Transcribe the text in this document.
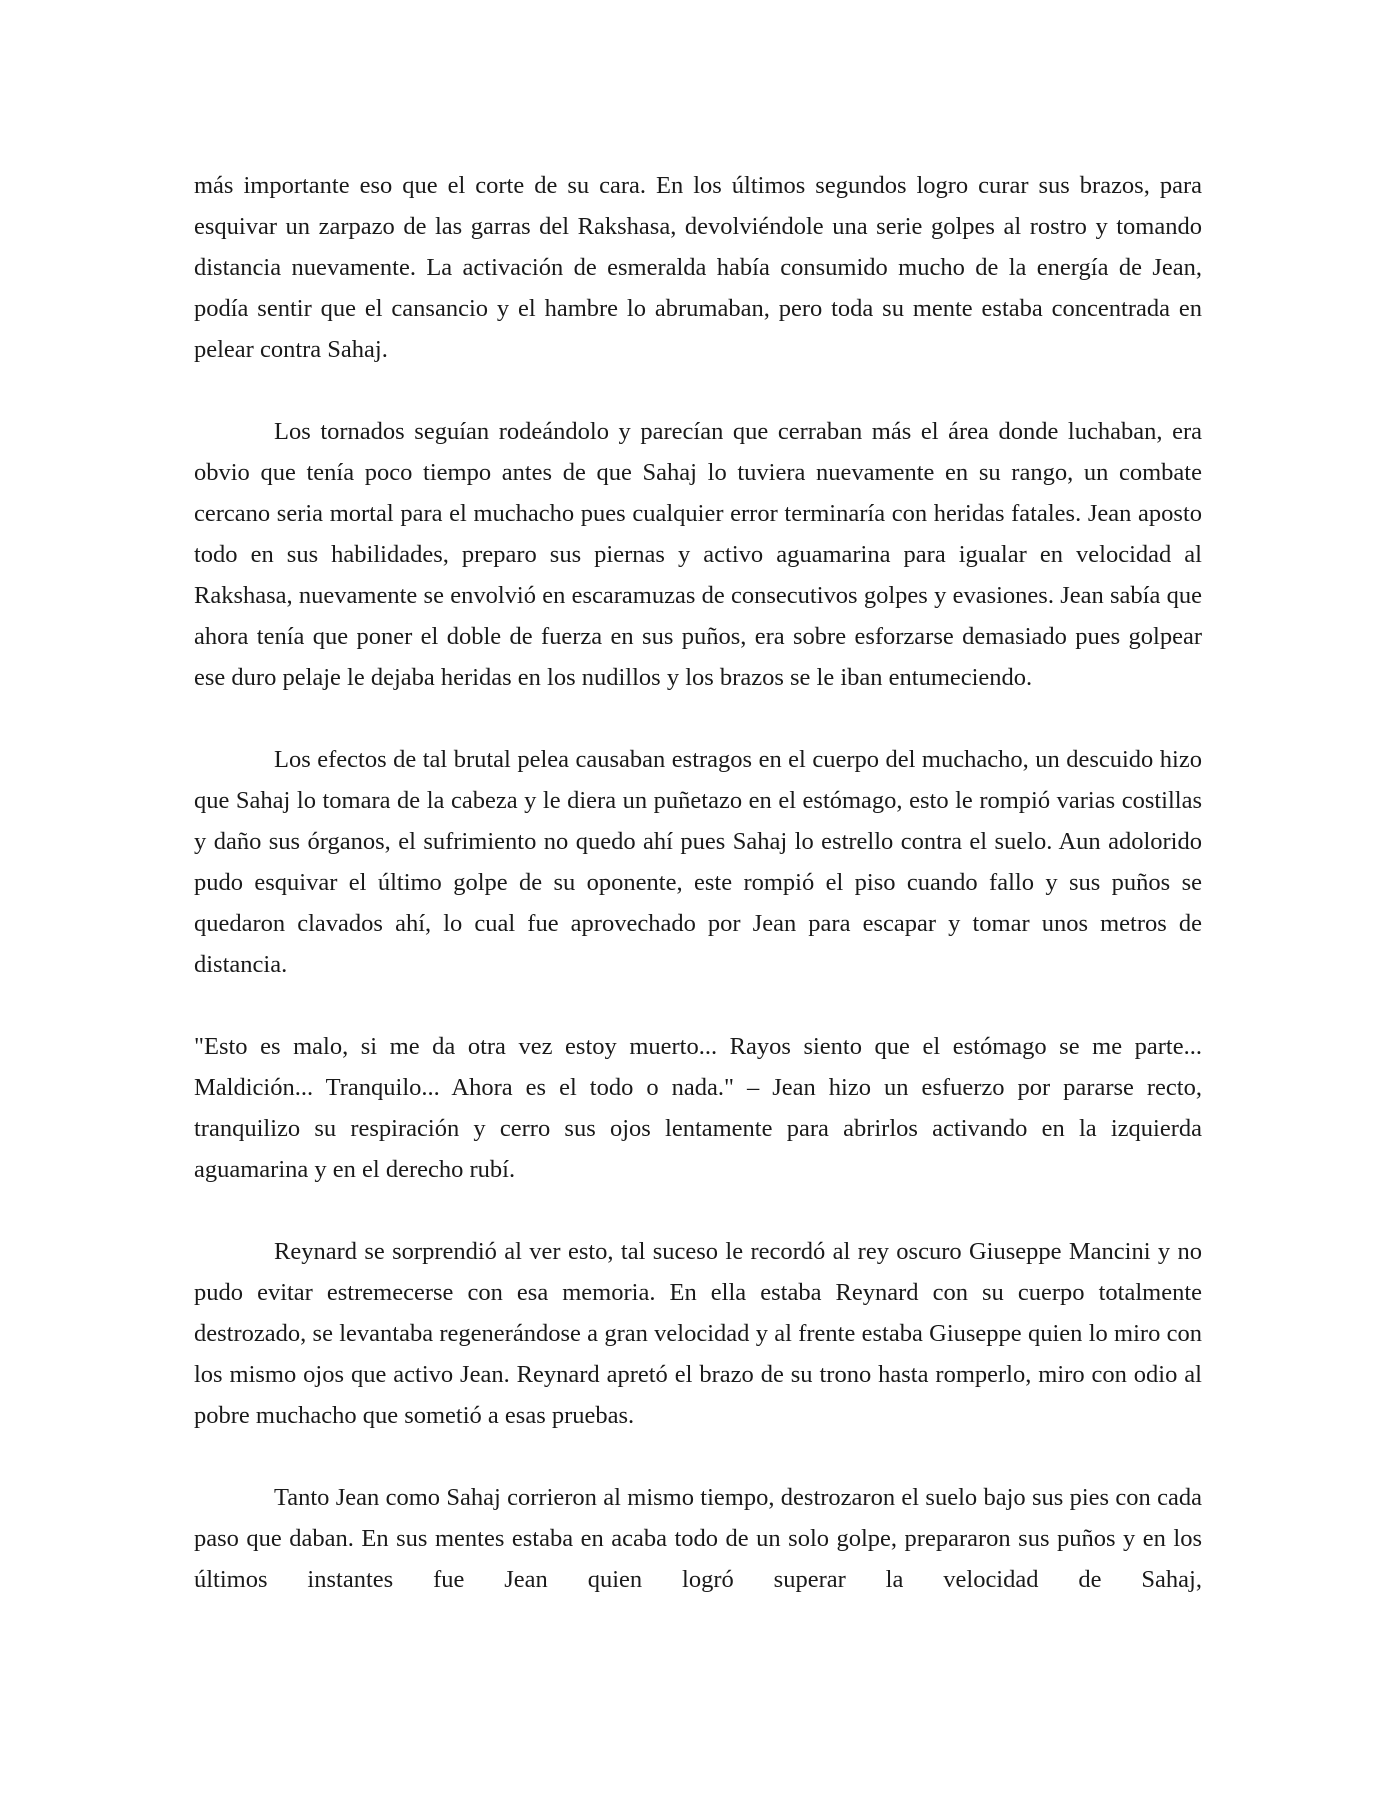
más importante eso que el corte de su cara. En los últimos segundos logro curar sus brazos, para esquivar un zarpazo de las garras del Rakshasa, devolviéndole una serie golpes al rostro y tomando distancia nuevamente. La activación de esmeralda había consumido mucho de la energía de Jean, podía sentir que el cansancio y el hambre lo abrumaban, pero toda su mente estaba concentrada en pelear contra Sahaj.

Los tornados seguían rodeándolo y parecían que cerraban más el área donde luchaban, era obvio que tenía poco tiempo antes de que Sahaj lo tuviera nuevamente en su rango, un combate cercano seria mortal para el muchacho pues cualquier error terminaría con heridas fatales. Jean aposto todo en sus habilidades, preparo sus piernas y activo aguamarina para igualar en velocidad al Rakshasa, nuevamente se envolvió en escaramuzas de consecutivos golpes y evasiones. Jean sabía que ahora tenía que poner el doble de fuerza en sus puños, era sobre esforzarse demasiado pues golpear ese duro pelaje le dejaba heridas en los nudillos y los brazos se le iban entumeciendo.

Los efectos de tal brutal pelea causaban estragos en el cuerpo del muchacho, un descuido hizo que Sahaj lo tomara de la cabeza y le diera un puñetazo en el estómago, esto le rompió varias costillas y daño sus órganos, el sufrimiento no quedo ahí pues Sahaj lo estrello contra el suelo. Aun adolorido pudo esquivar el último golpe de su oponente, este rompió el piso cuando fallo y sus puños se quedaron clavados ahí, lo cual fue aprovechado por Jean para escapar y tomar unos metros de distancia.

"Esto es malo, si me da otra vez estoy muerto... Rayos siento que el estómago se me parte... Maldición... Tranquilo... Ahora es el todo o nada." – Jean hizo un esfuerzo por pararse recto, tranquilizo su respiración y cerro sus ojos lentamente para abrirlos activando en la izquierda aguamarina y en el derecho rubí.

Reynard se sorprendió al ver esto, tal suceso le recordó al rey oscuro Giuseppe Mancini y no pudo evitar estremecerse con esa memoria. En ella estaba Reynard con su cuerpo totalmente destrozado, se levantaba regenerándose a gran velocidad y al frente estaba Giuseppe quien lo miro con los mismo ojos que activo Jean. Reynard apretó el brazo de su trono hasta romperlo, miro con odio al pobre muchacho que sometió a esas pruebas.

Tanto Jean como Sahaj corrieron al mismo tiempo, destrozaron el suelo bajo sus pies con cada paso que daban. En sus mentes estaba en acaba todo de un solo golpe, prepararon sus puños y en los últimos instantes fue Jean quien logró superar la velocidad de Sahaj,
